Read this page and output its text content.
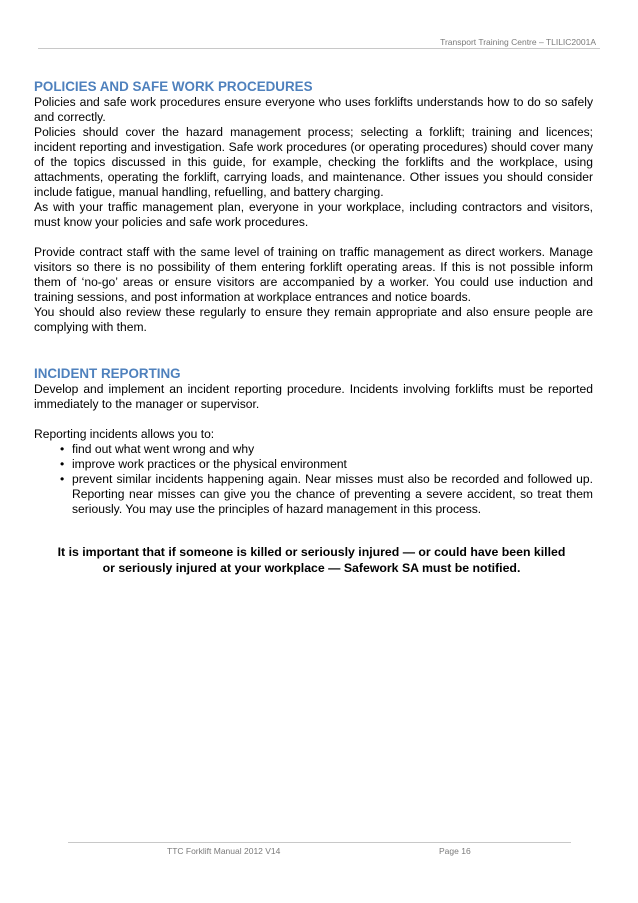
Transport Training Centre – TLILIC2001A
POLICIES AND SAFE WORK PROCEDURES

Policies and safe work procedures ensure everyone who uses forklifts understands how to do so safely and correctly.

Policies should cover the hazard management process; selecting a forklift; training and licences; incident reporting and investigation. Safe work procedures (or operating procedures) should cover many of the topics discussed in this guide, for example, checking the forklifts and the workplace, using attachments, operating the forklift, carrying loads, and maintenance. Other issues you should consider include fatigue, manual handling, refuelling, and battery charging.

As with your traffic management plan, everyone in your workplace, including contractors and visitors, must know your policies and safe work procedures.

Provide contract staff with the same level of training on traffic management as direct workers. Manage visitors so there is no possibility of them entering forklift operating areas. If this is not possible inform them of ‘no-go’ areas or ensure visitors are accompanied by a worker. You could use induction and training sessions, and post information at workplace entrances and notice boards.

You should also review these regularly to ensure they remain appropriate and also ensure people are complying with them.

INCIDENT REPORTING

Develop and implement an incident reporting procedure. Incidents involving forklifts must be reported immediately to the manager or supervisor.

Reporting incidents allows you to:

• find out what went wrong and why
• improve work practices or the physical environment
• prevent similar incidents happening again. Near misses must also be recorded and followed up. Reporting near misses can give you the chance of preventing a severe accident, so treat them seriously. You may use the principles of hazard management in this process.
It is important that if someone is killed or seriously injured — or could have been killed
or seriously injured at your workplace — Safework SA must be notified.
TTC Forklift Manual 2012 V14	Page 16
